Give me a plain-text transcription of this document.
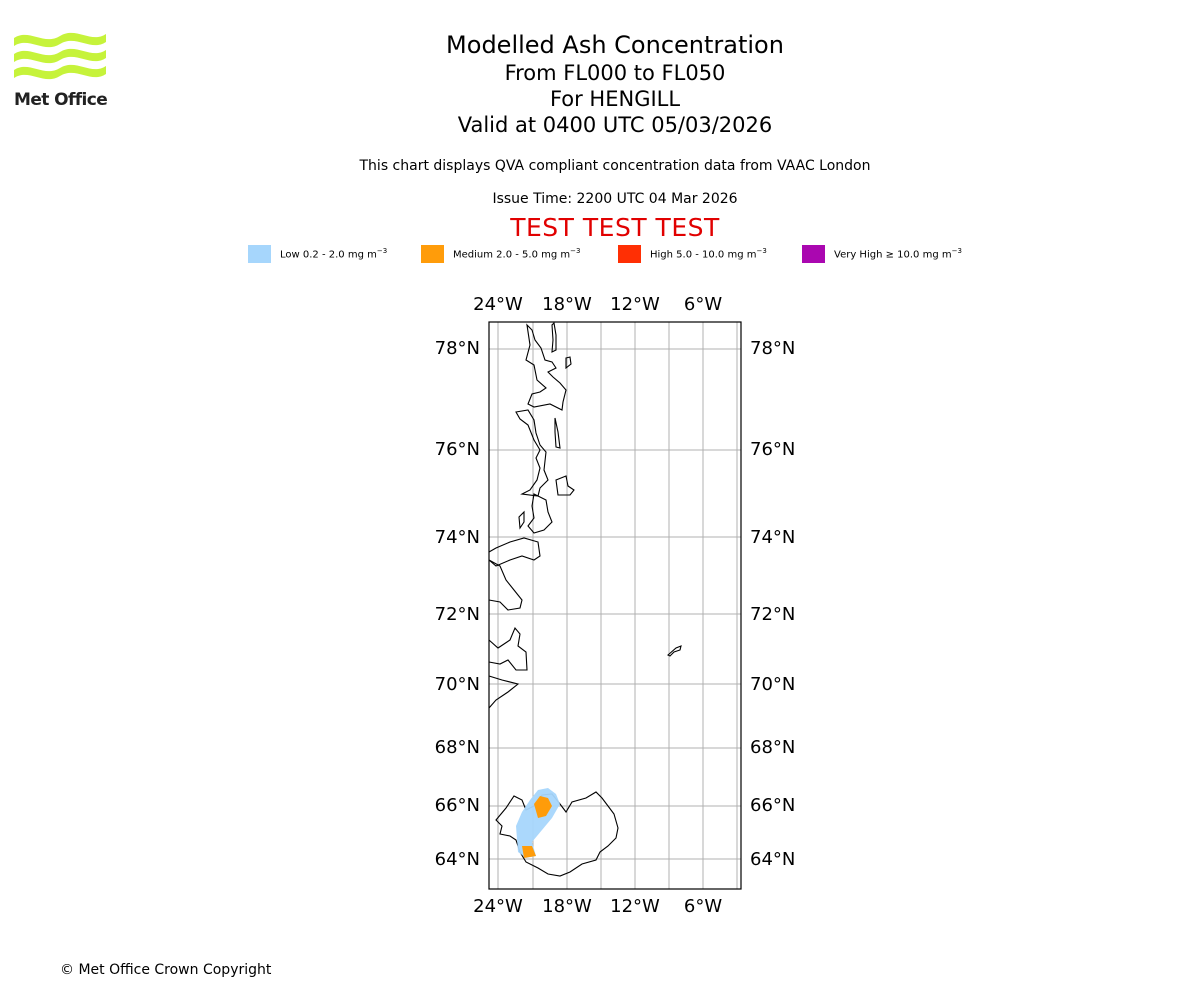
Met Office
Modelled Ash Concentration
From FL000 to FL050
For HENGILL
Valid at 0400 UTC 05/03/2026
This chart displays QVA compliant concentration data from VAAC London
Issue Time: 2200 UTC 04 Mar 2026
TEST TEST TEST
Low 0.2 - 2.0 mg $m^{-3}$	Medium 2.0 - 5.0 mg $m^{-3}$	High 5.0 - 10.0 mg $m^{-3}$	Very High ≥ 10.0 mg $m^{-3}$
24°W 18°W 12°W 6°W
24°W 18°W 12°W 6°W
78°N
76°N
74°N
72°N
70°N
68°N
66°N
64°N
78°N
76°N
74°N
72°N
70°N
68°N
66°N
64°N
© Met Office Crown Copyright
